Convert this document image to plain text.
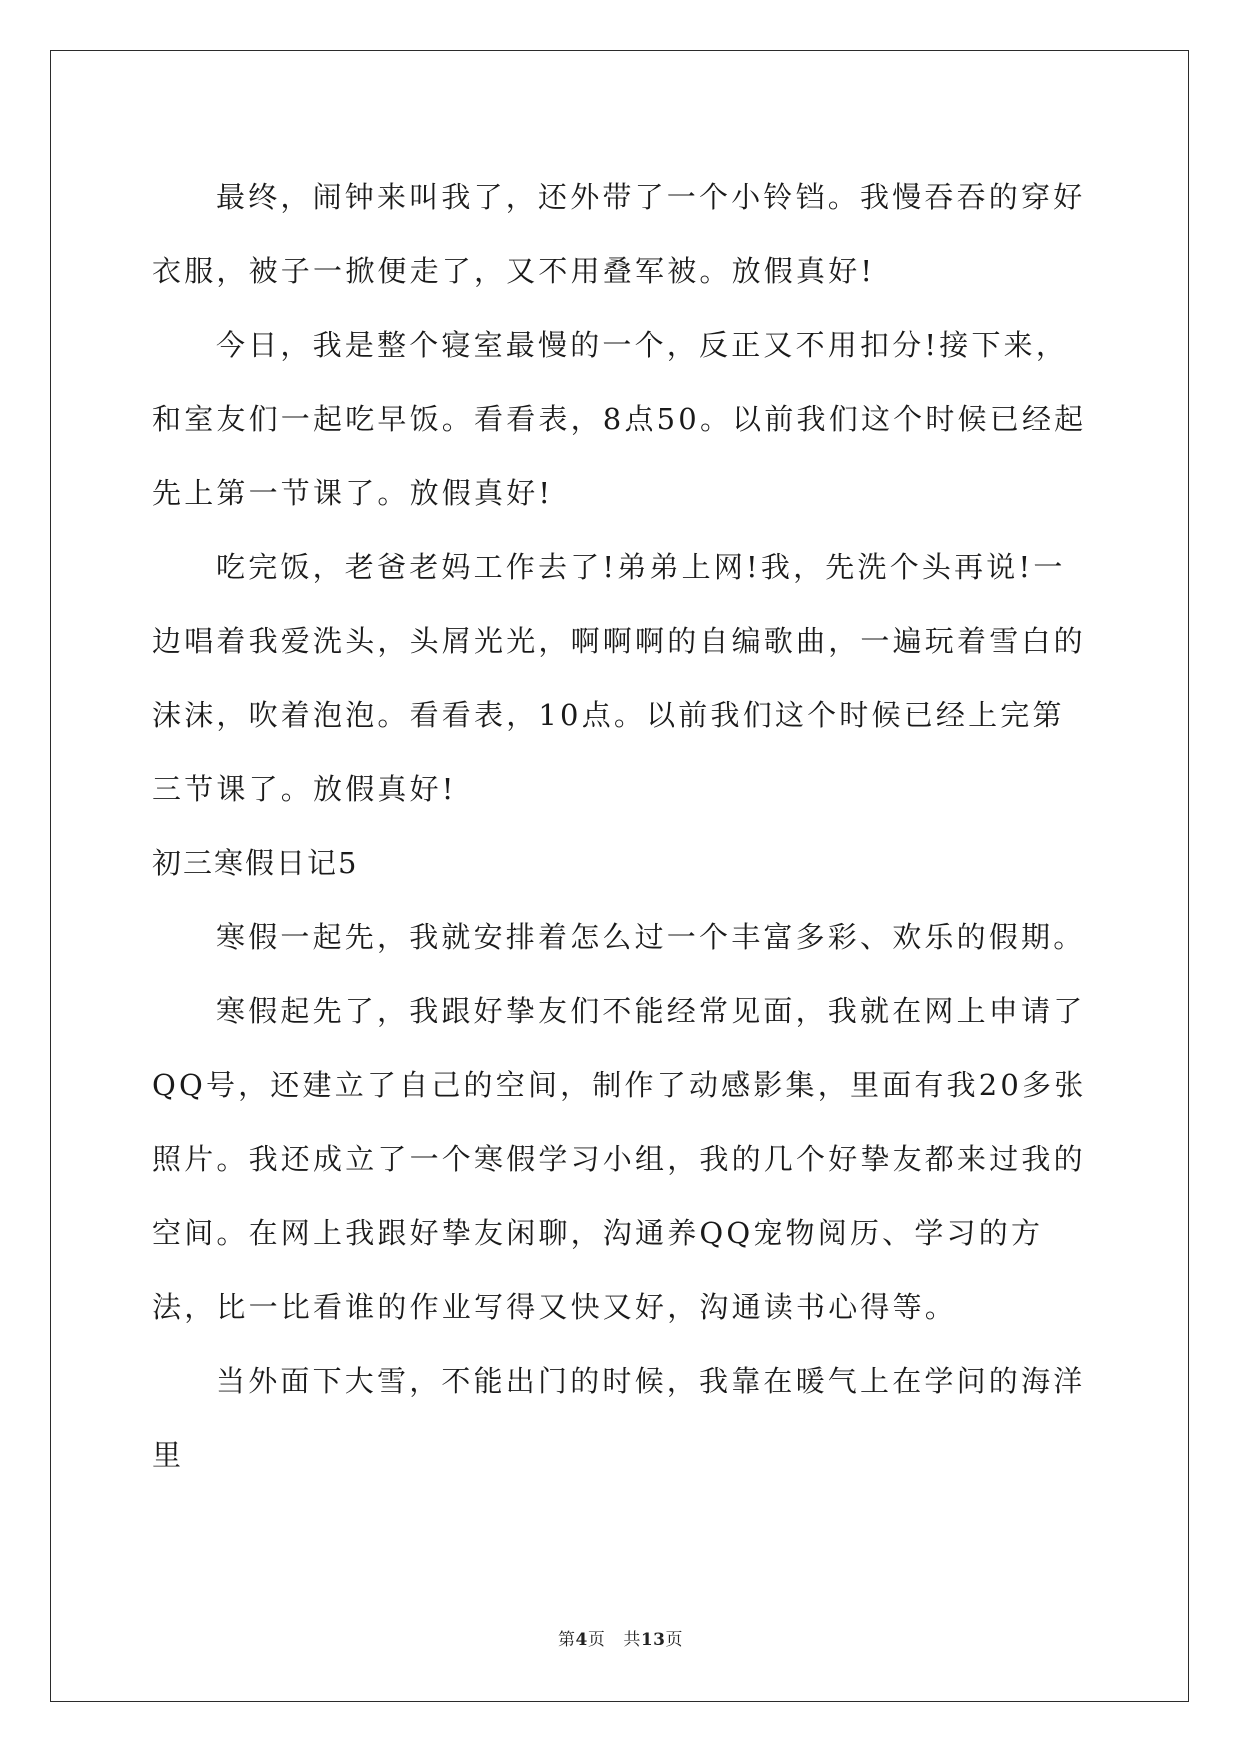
最终，闹钟来叫我了，还外带了一个小铃铛。我慢吞吞的穿好衣服，被子一掀便走了，又不用叠军被。放假真好!

今日，我是整个寝室最慢的一个，反正又不用扣分!接下来，和室友们一起吃早饭。看看表，8点50。以前我们这个时候已经起先上第一节课了。放假真好!

吃完饭，老爸老妈工作去了!弟弟上网!我，先洗个头再说!一边唱着我爱洗头，头屑光光，啊啊啊的自编歌曲，一遍玩着雪白的沫沫，吹着泡泡。看看表，10点。以前我们这个时候已经上完第三节课了。放假真好!

初三寒假日记5

寒假一起先，我就安排着怎么过一个丰富多彩、欢乐的假期。

寒假起先了，我跟好挚友们不能经常见面，我就在网上申请了QQ号，还建立了自己的空间，制作了动感影集，里面有我20多张照片。我还成立了一个寒假学习小组，我的几个好挚友都来过我的空间。在网上我跟好挚友闲聊，沟通养QQ宠物阅历、学习的方法，比一比看谁的作业写得又快又好，沟通读书心得等。

当外面下大雪，不能出门的时候，我靠在暖气上在学问的海洋里

第4页 共13页
